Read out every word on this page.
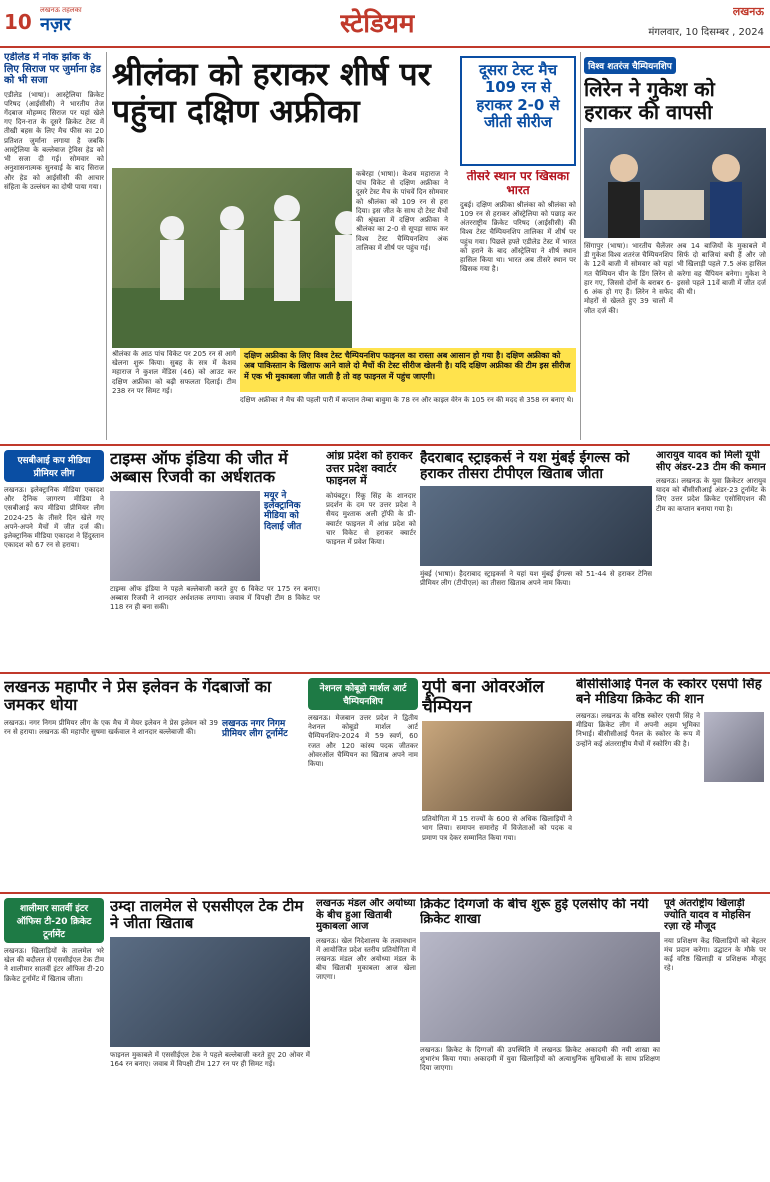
10 लखनऊ तहलका
नज़र	स्टेडियम	लखनऊ
मंगलवार, 10 दिसम्बर , 2024
एडीलेड में नोक झोंक के लिए सिराज पर जुर्माना हेड को भी सजा
एडीलेड (भाषा)। आस्ट्रेलिया क्रिकेट परिषद (आईसीसी) ने भारतीय तेज गेंदबाज मोहम्मद सिराज पर यहां खेले गए दिन-रात के दूसरे क्रिकेट टेस्ट में तीखी बहस के लिए मैच फीस का 20 प्रतिशत जुर्माना लगाया है जबकि आस्ट्रेलिया के बल्लेबाज ट्रेविस हेड को भी सजा दी गई। सोमवार को अनुशासनात्मक सुनवाई के बाद सिराज और हेड को आईसीसी की आचार संहिता के उल्लंघन का दोषी पाया गया।
श्रीलंका को हराकर शीर्ष पर पहुंचा दक्षिण अफ्रीका
दूसरा टेस्ट मैच 109 रन से हराकर 2-0 से जीती सीरीज
कबेरहा (भाषा)। केशव महाराज ने पांच विकेट से दक्षिण अफ्रीका ने दूसरे टेस्ट मैच के पांचवें दिन सोमवार को श्रीलंका को 109 रन से हरा दिया। इस जीत के साथ दो टेस्ट मैचों की श्रृंखला में दक्षिण अफ्रीका ने श्रीलंका का 2-0 से सूपड़ा साफ कर विश्व टेस्ट चैम्पियनशिप अंक तालिका में शीर्ष पर पहुंच गई।
दक्षिण अफ्रीका के लिए विश्व टेस्ट चैम्पियनशिप फाइनल का रास्ता अब आसान हो गया है। दक्षिण अफ्रीका को अब पाकिस्तान के खिलाफ आने वाले दो मैचों की टेस्ट सीरीज खेलनी है। यदि दक्षिण अफ्रीका की टीम इस सीरीज में एक भी मुकाबला जीत जाती है तो वह फाइनल में पहुंच जाएगी।
श्रीलंका के आठ पांच विकेट पर 205 रन से आगे खेलना शुरू किया। सुबह के सत्र में केशव महाराज ने कुशल मेंडिस (46) को आउट कर दक्षिण अफ्रीका को बढ़ी सफलता दिलाई। टीम 238 रन पर सिमट गई।
दक्षिण अफ्रीका ने मैच की पहली पारी में कप्तान तेम्बा बावुमा के 78 रन और काइल वेरेन के 105 रन की मदद से 358 रन बनाए थे।
तीसरे स्थान पर खिसका भारत
दुबई। दक्षिण अफ्रीका श्रीलंका को श्रीलंका को 109 रन से हराकर ऑस्ट्रेलिया को पछाड़ कर अंतरराष्ट्रीय क्रिकेट परिषद (आईसीसी) की विश्व टेस्ट चैम्पियनशिप तालिका में शीर्ष पर पहुंच गया। पिछले हफ्ते एडीलेड टेस्ट में भारत को हराने के बाद ऑस्ट्रेलिया ने शीर्ष स्थान हासिल किया था। भारत अब तीसरे स्थान पर खिसक गया है।
विश्व शतरंज चैम्पियनशिप
लिरेन ने गुकेश को हराकर की वापसी
सिंगापुर (भाषा)। भारतीय चैलेंजर डी गुकेश विश्व शतरंज चैम्पियनशिप के 12वें बाजी में सोमवार को यहां गत चैम्पियन चीन के डिंग लिरेन से हार गए, जिससे दोनों के बराबर 6-6 अंक हो गए हैं। लिरेन ने सफेद मोहरों से खेलते हुए 39 चालों में जीत दर्ज की।
अब 14 बाजियों के मुकाबले में सिर्फ दो बाजियां बची हैं और जो भी खिलाड़ी पहले 7.5 अंक हासिल करेगा वह चैंपियन बनेगा। गुकेश ने इससे पहले 11वें बाजी में जीत दर्ज की थी।
एसबीआई कप मीडिया प्रीमियर लीग
लखनऊ। इलेक्ट्रानिक मीडिया एकादश और दैनिक जागरण मीडिया ने एसबीआई कप मीडिया प्रीमियर लीग 2024-25 के तीसरे दिन खेले गए अपने-अपने मैचों में जीत दर्ज की। इलेक्ट्रानिक मीडिया एकादश ने हिंदुस्तान एकादश को 67 रन से हराया।
टाइम्स ऑफ इंडिया की जीत में अब्बास रिजवी का अर्धशतक
मयूर ने इलेक्ट्रानिक मीडिया को दिलाई जीत
टाइम्स ऑफ इंडिया ने पहले बल्लेबाजी करते हुए 6 विकेट पर 175 रन बनाए। अब्बास रिजवी ने शानदार अर्धशतक लगाया। जवाब में विपक्षी टीम 8 विकेट पर 118 रन ही बना सकी।
आंध्र प्रदेश को हराकर उत्तर प्रदेश क्वार्टर फाइनल में
कोयंबटूर। रिंकू सिंह के शानदार प्रदर्शन के दम पर उत्तर प्रदेश ने सैयद मुश्ताक अली ट्रॉफी के प्री-क्वार्टर फाइनल में आंध्र प्रदेश को चार विकेट से हराकर क्वार्टर फाइनल में प्रवेश किया।
हैदराबाद स्ट्राइकर्स ने यश मुंबई ईगल्स को हराकर तीसरा टीपीएल खिताब जीता
मुंबई (भाषा)। हैदराबाद स्ट्राइकर्स ने यहां यश मुंबई ईगल्स को 51-44 से हराकर टेनिस प्रीमियर लीग (टीपीएल) का तीसरा खिताब अपने नाम किया।
आरायुव यादव को मिली यूपी सीए अंडर-23 टीम की कमान
लखनऊ। लखनऊ के युवा क्रिकेटर आरायुव यादव को बीसीसीआई अंडर-23 टूर्नामेंट के लिए उत्तर प्रदेश क्रिकेट एसोसिएशन की टीम का कप्तान बनाया गया है।
लखनऊ महापौर ने प्रेस इलेवन के गेंदबाजों का जमकर धोया
लखनऊ। नगर निगम प्रीमियर लीग के एक मैच में मेयर इलेवन ने प्रेस इलेवन को 39 रन से हराया। लखनऊ की महापौर सुषमा खर्कवाल ने शानदार बल्लेबाजी की।
लखनऊ नगर निगम प्रीमियर लीग टूर्नामेंट
नेशनल कोबूडो मार्शल आर्ट चैम्पियनशिप
लखनऊ। मेजबान उत्तर प्रदेश ने द्वितीय नेशनल कोबूडो मार्शल आर्ट चैम्पियनशिप-2024 में 59 स्वर्ण, 60 रजत और 120 कांस्य पदक जीतकर ओवरऑल चैम्पियन का खिताब अपने नाम किया।
यूपी बना ओवरऑल चैम्पियन
प्रतियोगिता में 15 राज्यों के 600 से अधिक खिलाड़ियों ने भाग लिया। समापन समारोह में विजेताओं को पदक व प्रमाण पत्र देकर सम्मानित किया गया।
बीसीसीआई पैनल के स्कोरर एसपी सिंह बने मीडिया क्रिकेट की शान
लखनऊ। लखनऊ के वरिष्ठ स्कोरर एसपी सिंह ने मीडिया क्रिकेट लीग में अपनी अहम भूमिका निभाई। बीसीसीआई पैनल के स्कोरर के रूप में उन्होंने कई अंतरराष्ट्रीय मैचों में स्कोरिंग की है।
शालीमार सातवीं इंटर ऑफिस टी-20 क्रिकेट टूर्नामेंट
लखनऊ। खिलाड़ियों के तालमेल भरे खेल की बदौलत से एससीईएल टेक टीम ने शालीमार सातवीं इंटर ऑफिस टी-20 क्रिकेट टूर्नामेंट में खिताब जीता।
उम्दा तालमेल से एससीएल टेक टीम ने जीता खिताब
फाइनल मुकाबले में एससीईएल टेक ने पहले बल्लेबाजी करते हुए 20 ओवर में 164 रन बनाए। जवाब में विपक्षी टीम 127 रन पर ही सिमट गई।
लखनऊ मंडल और अयोध्या के बीच हुआ खिताबी मुकाबला आज
लखनऊ। खेल निदेशालय के तत्वावधान में आयोजित प्रदेश स्तरीय प्रतियोगिता में लखनऊ मंडल और अयोध्या मंडल के बीच खिताबी मुकाबला आज खेला जाएगा।
क्रिकेट दिग्गजों के बीच शुरू हुई एलसीए की नयी क्रिकेट शाखा
लखनऊ। क्रिकेट के दिग्गजों की उपस्थिति में लखनऊ क्रिकेट अकादमी की नयी शाखा का शुभारंभ किया गया। अकादमी में युवा खिलाड़ियों को अत्याधुनिक सुविधाओं के साथ प्रशिक्षण दिया जाएगा।
पूर्व अंतर्राष्ट्रीय खिलाड़ी ज्योति यादव व मोहसिन रज़ा रहे मौजूद
नया प्रशिक्षण केंद्र खिलाड़ियों को बेहतर मंच प्रदान करेगा। उद्घाटन के मौके पर कई वरिष्ठ खिलाड़ी व प्रशिक्षक मौजूद रहे।
